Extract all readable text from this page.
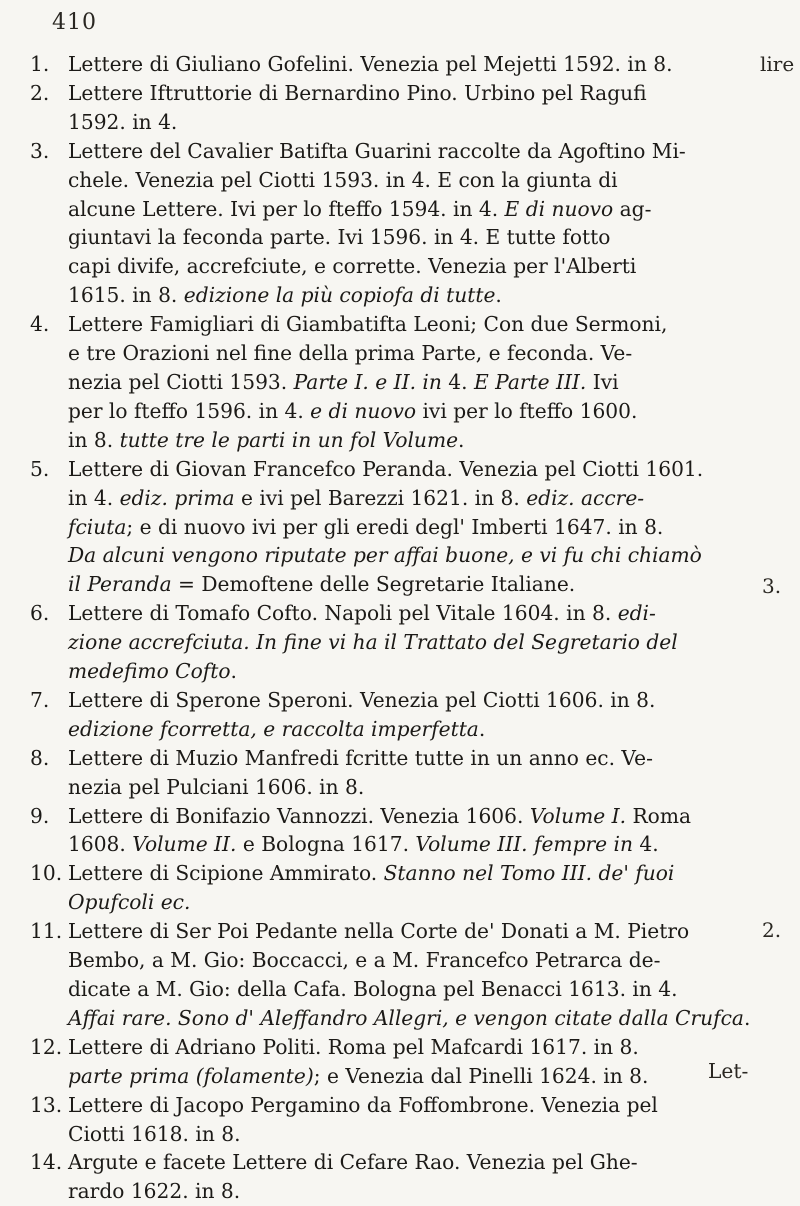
410
1. Lettere di Giuliano Gofelini. Venezia pel Mejetti 1592. in 8.
2. Lettere Iftruttorie di Bernardino Pino. Urbino pel Ragufi
1592. in 4.
3. Lettere del Cavalier Batifta Guarini raccolte da Agoftino Mi-
chele. Venezia pel Ciotti 1593. in 4. E con la giunta di
alcune Lettere. Ivi per lo fteffo 1594. in 4. E di nuovo ag-
giuntavi la feconda parte. Ivi 1596. in 4. E tutte fotto
capi divife, accrefciute, e corrette. Venezia per l'Alberti
1615. in 8. edizione la più copiofa di tutte.
4. Lettere Famigliari di Giambatifta Leoni; Con due Sermoni,
e tre Orazioni nel fine della prima Parte, e feconda. Ve-
nezia pel Ciotti 1593. Parte I. e II. in 4. E Parte III. Ivi
per lo fteffo 1596. in 4. e di nuovo ivi per lo fteffo 1600.
in 8. tutte tre le parti in un fol Volume.
5. Lettere di Giovan Francefco Peranda. Venezia pel Ciotti 1601.
in 4. ediz. prima e ivi pel Barezzi 1621. in 8. ediz. accre-
fciuta; e di nuovo ivi per gli eredi degl' Imberti 1647. in 8.
Da alcuni vengono riputate per affai buone, e vi fu chi chiamò
il Peranda = Demoftene delle Segretarie Italiane.
6. Lettere di Tomafo Cofto. Napoli pel Vitale 1604. in 8. edi-
zione accrefciuta. In fine vi ha il Trattato del Segretario del
medefimo Cofto.
7. Lettere di Sperone Speroni. Venezia pel Ciotti 1606. in 8.
edizione fcorretta, e raccolta imperfetta.
8. Lettere di Muzio Manfredi fcritte tutte in un anno ec. Ve-
nezia pel Pulciani 1606. in 8.
9. Lettere di Bonifazio Vannozzi. Venezia 1606. Volume I. Roma
1608. Volume II. e Bologna 1617. Volume III. fempre in 4.
10. Lettere di Scipione Ammirato. Stanno nel Tomo III. de' fuoi
Opufcoli ec.
11. Lettere di Ser Poi Pedante nella Corte de' Donati a M. Pietro
Bembo, a M. Gio: Boccacci, e a M. Francefco Petrarca de-
dicate a M. Gio: della Cafa. Bologna pel Benacci 1613. in 4.
Affai rare. Sono d' Aleffandro Allegri, e vengon citate dalla Crufca.
12. Lettere di Adriano Politi. Roma pel Mafcardi 1617. in 8.
parte prima (folamente); e Venezia dal Pinelli 1624. in 8.
13. Lettere di Jacopo Pergamino da Foffombrone. Venezia pel
Ciotti 1618. in 8.
14. Argute e facete Lettere di Cefare Rao. Venezia pel Ghe-
rardo 1622. in 8.
lire
3.
2.
Let-
